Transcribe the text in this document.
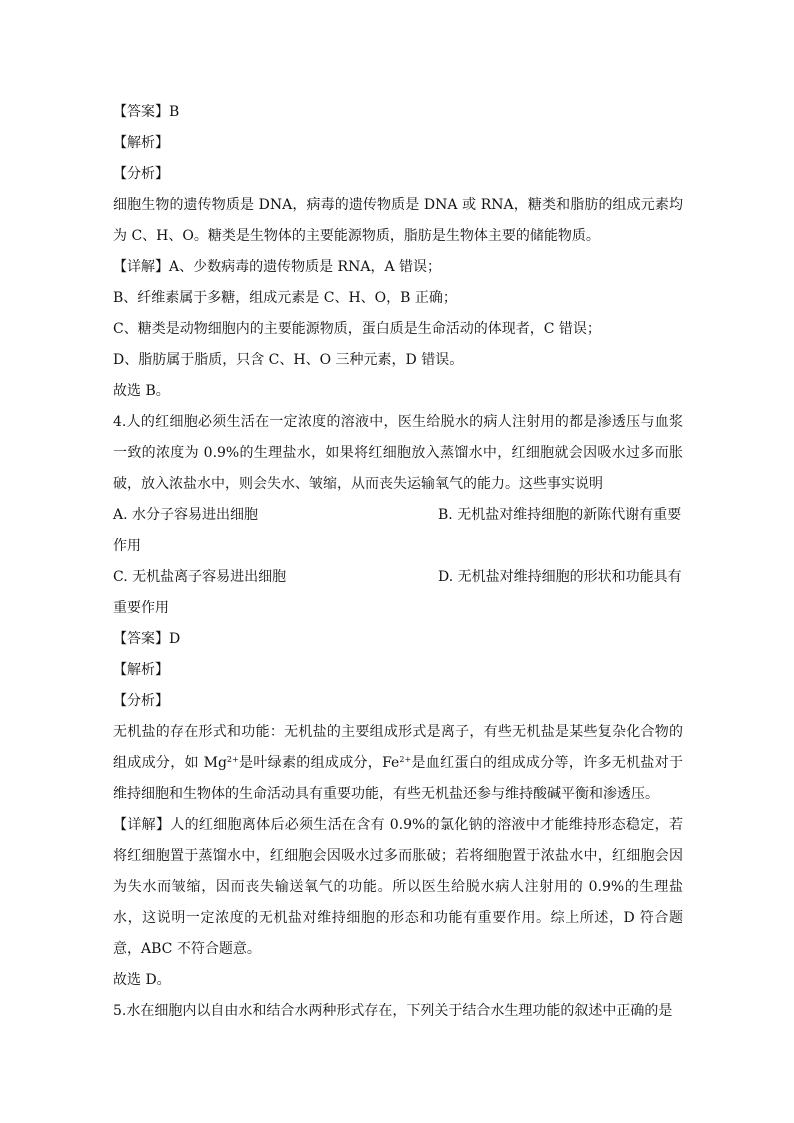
【答案】B
【解析】
【分析】
细胞生物的遗传物质是 DNA，病毒的遗传物质是 DNA 或 RNA，糖类和脂肪的组成元素均为 C、H、O。糖类是生物体的主要能源物质，脂肪是生物体主要的储能物质。
【详解】A、少数病毒的遗传物质是 RNA，A 错误；
B、纤维素属于多糖，组成元素是 C、H、O，B 正确；
C、糖类是动物细胞内的主要能源物质，蛋白质是生命活动的体现者，C 错误；
D、脂肪属于脂质，只含 C、H、O 三种元素，D 错误。
故选 B。
4.人的红细胞必须生活在一定浓度的溶液中，医生给脱水的病人注射用的都是渗透压与血浆一致的浓度为 0.9%的生理盐水，如果将红细胞放入蒸馏水中，红细胞就会因吸水过多而胀破，放入浓盐水中，则会失水、皱缩，从而丧失运输氧气的能力。这些事实说明
A. 水分子容易进出细胞	B. 无机盐对维持细胞的新陈代谢有重要
作用
C. 无机盐离子容易进出细胞	D. 无机盐对维持细胞的形状和功能具有
重要作用
【答案】D
【解析】
【分析】
无机盐的存在形式和功能：无机盐的主要组成形式是离子，有些无机盐是某些复杂化合物的组成成分，如 $Mg^{2+}$是叶绿素的组成成分，$Fe^{2+}$是血红蛋白的组成成分等，许多无机盐对于维持细胞和生物体的生命活动具有重要功能，有些无机盐还参与维持酸碱平衡和渗透压。
【详解】人的红细胞离体后必须生活在含有 0.9%的氯化钠的溶液中才能维持形态稳定，若将红细胞置于蒸馏水中，红细胞会因吸水过多而胀破；若将细胞置于浓盐水中，红细胞会因为失水而皱缩，因而丧失输送氧气的功能。所以医生给脱水病人注射用的 0.9%的生理盐水，这说明一定浓度的无机盐对维持细胞的形态和功能有重要作用。综上所述，D 符合题意，ABC 不符合题意。
故选 D。
5.水在细胞内以自由水和结合水两种形式存在，下列关于结合水生理功能的叙述中正确的是
